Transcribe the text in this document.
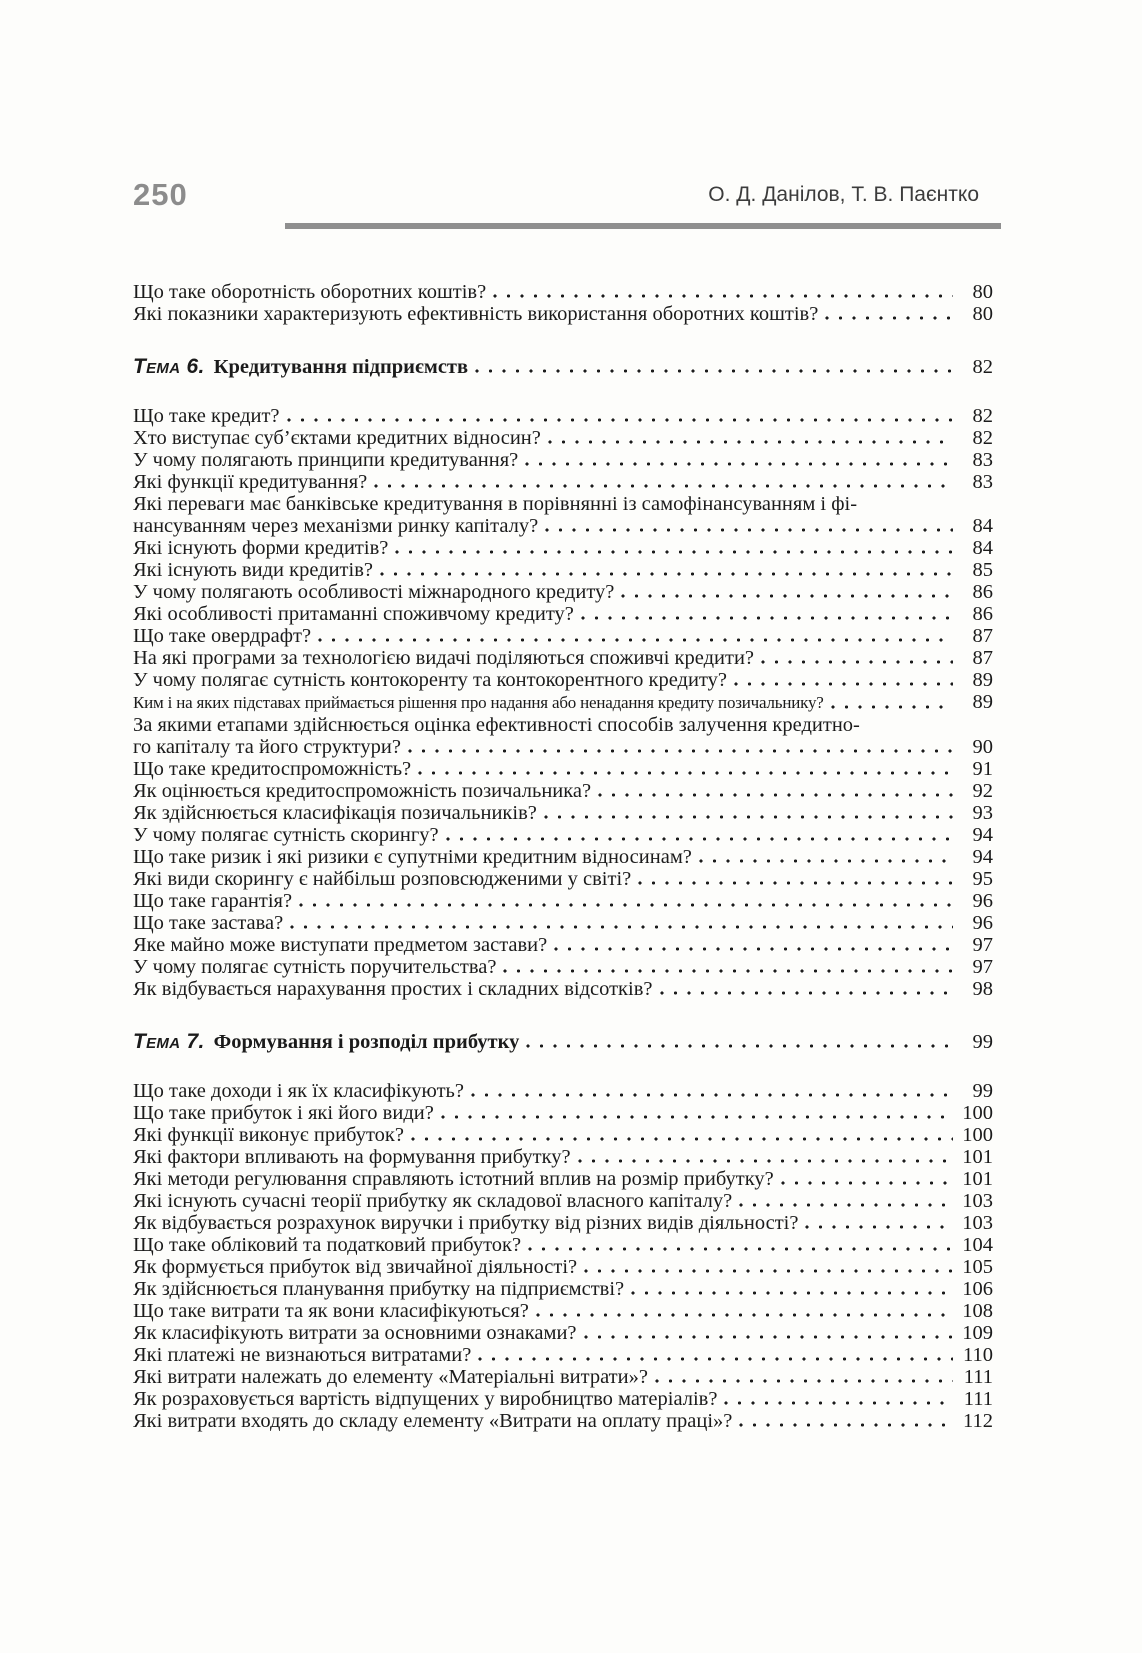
250	О. Д. Данілов, Т. В. Паєнтко
Що таке оборотність оборотних коштів?	80
Які показники характеризують ефективність використання оборотних коштів?	80
Тема 6. Кредитування підприємств	82
Що таке кредит?	82
Хто виступає суб’єктами кредитних відносин?	82
У чому полягають принципи кредитування?	83
Які функції кредитування?	83
Які переваги має банківське кредитування в порівнянні із самофінансуванням і фі-
нансуванням через механізми ринку капіталу?	84
Які існують форми кредитів?	84
Які існують види кредитів?	85
У чому полягають особливості міжнародного кредиту?	86
Які особливості притаманні споживчому кредиту?	86
Що таке овердрафт?	87
На які програми за технологією видачі поділяються споживчі кредити?	87
У чому полягає сутність контокоренту та контокорентного кредиту?	89
Ким і на яких підставах приймається рішення про надання або ненадання кредиту позичальнику?	89
За якими етапами здійснюється оцінка ефективності способів залучення кредитно-
го капіталу та його структури?	90
Що таке кредитоспроможність?	91
Як оцінюється кредитоспроможність позичальника?	92
Як здійснюється класифікація позичальників?	93
У чому полягає сутність скорингу?	94
Що таке ризик і які ризики є супутніми кредитним відносинам?	94
Які види скорингу є найбільш розповсюдженими у світі?	95
Що таке гарантія?	96
Що таке застава?	96
Яке майно може виступати предметом застави?	97
У чому полягає сутність поручительства?	97
Як відбувається нарахування простих і складних відсотків?	98
Тема 7. Формування і розподіл прибутку	99
Що таке доходи і як їх класифікують?	99
Що таке прибуток і які його види?	100
Які функції виконує прибуток?	100
Які фактори впливають на формування прибутку?	101
Які методи регулювання справляють істотний вплив на розмір прибутку?	101
Які існують сучасні теорії прибутку як складової власного капіталу?	103
Як відбувається розрахунок виручки і прибутку від різних видів діяльності?	103
Що таке обліковий та податковий прибуток?	104
Як формується прибуток від звичайної діяльності?	105
Як здійснюється планування прибутку на підприємстві?	106
Що таке витрати та як вони класифікуються?	108
Як класифікують витрати за основними ознаками?	109
Які платежі не визнаються витратами?	110
Які витрати належать до елементу «Матеріальні витрати»?	111
Як розраховується вартість відпущених у виробництво матеріалів?	111
Які витрати входять до складу елементу «Витрати на оплату праці»?	112
